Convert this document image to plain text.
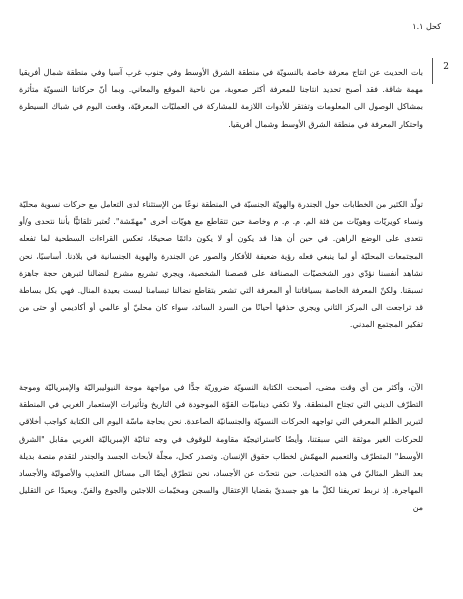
كحل ١.١
2

بات الحديث عن انتاج معرفة خاصة بالنسويّة في منطقة الشرق الأوسط وفي جنوب غرب آسيا وفي منطقة شمال أفريقيا مهمة شاقة. فقد أصبح تحديد انتاجنا للمعرفة أكثر صعوبة، من ناحية الموقع والمعاني. وبما أنّ حركاتنا النسويّة متأثرة بمشاكل الوصول الى المعلومات وتفتقر للأدوات اللازمة للمشاركة في العمليّات المعرفيّة، وقعت اليوم في شباك السيطرة واحتكار المعرفة في منطقة الشرق الأوسط وشمال أفريقيا.

تولّد الكثير من الخطابات حول الجندرة والهويّة الجنسيّة في المنطقة نوعًا من الإستثناء لدى التعامل مع حركات نسوية محليّة ونساء كويريّات وهويّات من فئة الم. م. م. م وخاصة حين تتقاطع مع هويّات أخرى "مهمّشة". تُعتبر تلقائيًّا بأننا نتحدى و/أو نتعدى على الوضع الراهن. في حين أن هذا قد يكون أو لا يكون دائمًا صحيحًا، تعكس القراءات السطحية لما تفعله المجتمعات المحليّة أو لما ينبغي فعله رؤية ضعيفة للأفكار والصور عن الجندرة والهوية الجنسانية في بلادنا. أساسيًا، نحن نشاهد أنفسنا نؤدّي دور الشخصيّات المصنافة على قصصنا الشخصية، ويجري تشريع مشرع لنضالنا لتبرهن حجة جاهزة تسبقنا. ولكنّ المعرفة الخاصة بسياقاتنا أو المعرفة التي تشعر بتقاطع نضالنا تبسامنا لبست بعيدة المنال. فهي بكل بساطة قد تراجعت الى المركز الثاني ويجري حذفها أحيانًا من السرد السائد، سواء كان محليّ أو عالمي أو أكاديمي أو حتى من تفكير المجتمع المدني.

الآن، وأكثر من أي وقت مضى، أصبحت الكتابة النسويّة ضروريّة جدًّا في مواجهة موجة النيوليبراليّة والإمبرياليّة وموجة التطرّف الديني التي تجتاح المنطقة. ولا تكفي ديناميّات القوّة الموجودة في التاريخ وتأثيرات الإستعمار الغربي في المنطقة لتبرير الظلم المعرفي التي تواجهه الحركات النسويّة والجنسانيّة الصاعدة. نحن بحاجة ماسّة اليوم الى الكتابة كواجب أخلاقي للحركات الغير موثقة التي سبقتنا، وأيضًا كاستراتيجيّة مقاومة للوقوف في وجه ثنائيّة الإمبرياليّة الغربي مقابل "الشرق الأوسط" المتطرّف والتعميم المهمّش لخطاب حقوق الإنسان. وتصدر كحل، مجلّة لأبحاث الجسد والجندر لتقدم منصة بديلة بعد النظر المثاليّ في هذه التحديات. حين نتحدّث عن الأجساد، نحن نتطرّق أيضًا الى مسائل التعذيب والأصوليّة والأجساد المهاجرة. إذ نربط تعريفنا لكلّ ما هو جسديّ بقضايا الإعتقال والسجن ومخيّمات اللاجئين والجوع والفنّ. وبعيدًا عن التقليل من
